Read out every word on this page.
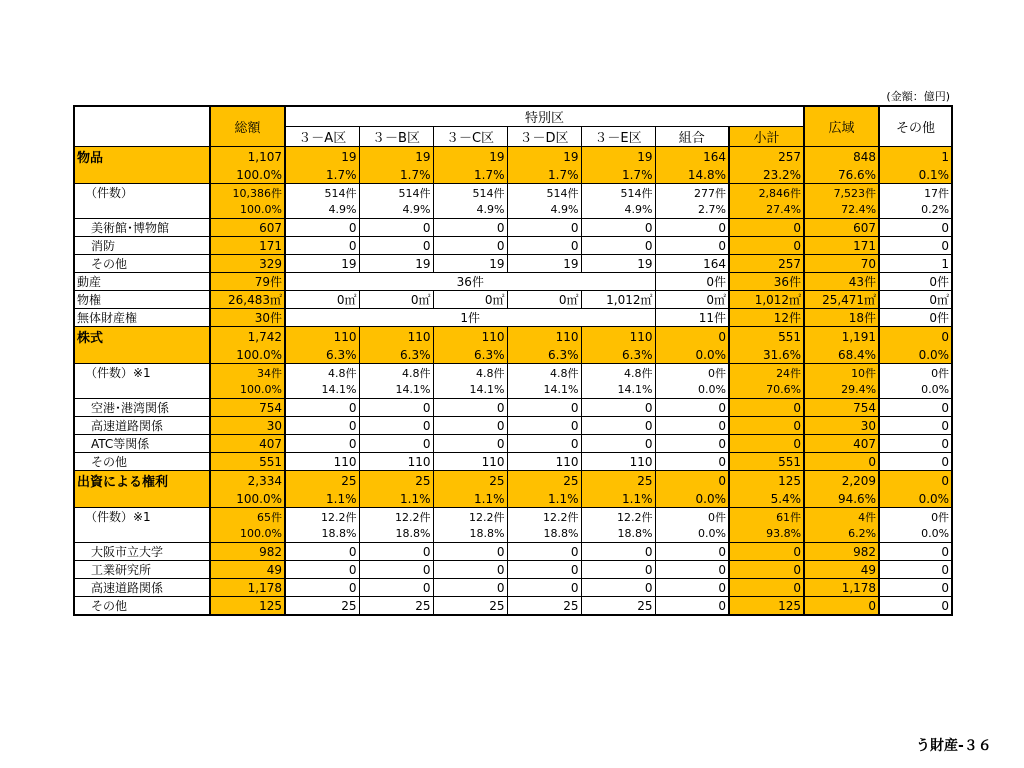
(金額：億円)
	総額	特別区							広域	その他
		３－A区	３－B区	３－C区	３－D区	３－E区	組合	小計		
物品	1,107	19	19	19	19	19	164	257	848	1
	100.0%	1.7%	1.7%	1.7%	1.7%	1.7%	14.8%	23.2%	76.6%	0.1%
（件数）	10,386件	514件	514件	514件	514件	514件	277件	2,846件	7,523件	17件
	100.0%	4.9%	4.9%	4.9%	4.9%	4.9%	2.7%	27.4%	72.4%	0.2%
美術館･博物館	607	0	0	0	0	0	0	0	607	0
消防	171	0	0	0	0	0	0	0	171	0
その他	329	19	19	19	19	19	164	257	70	1
動産	79件	36件					0件	36件	43件	0件
物権	26,483㎡	0㎡	0㎡	0㎡	0㎡	1,012㎡	0㎡	1,012㎡	25,471㎡	0㎡
無体財産権	30件	1件					11件	12件	18件	0件
株式	1,742	110	110	110	110	110	0	551	1,191	0
	100.0%	6.3%	6.3%	6.3%	6.3%	6.3%	0.0%	31.6%	68.4%	0.0%
（件数）※1	34件	4.8件	4.8件	4.8件	4.8件	4.8件	0件	24件	10件	0件
	100.0%	14.1%	14.1%	14.1%	14.1%	14.1%	0.0%	70.6%	29.4%	0.0%
空港･港湾関係	754	0	0	0	0	0	0	0	754	0
高速道路関係	30	0	0	0	0	0	0	0	30	0
ATC等関係	407	0	0	0	0	0	0	0	407	0
その他	551	110	110	110	110	110	0	551	0	0
出資による権利	2,334	25	25	25	25	25	0	125	2,209	0
	100.0%	1.1%	1.1%	1.1%	1.1%	1.1%	0.0%	5.4%	94.6%	0.0%
（件数）※1	65件	12.2件	12.2件	12.2件	12.2件	12.2件	0件	61件	4件	0件
	100.0%	18.8%	18.8%	18.8%	18.8%	18.8%	0.0%	93.8%	6.2%	0.0%
大阪市立大学	982	0	0	0	0	0	0	0	982	0
工業研究所	49	0	0	0	0	0	0	0	49	0
高速道路関係	1,178	0	0	0	0	0	0	0	1,178	0
その他	125	25	25	25	25	25	0	125	0	0
う財産-３６
